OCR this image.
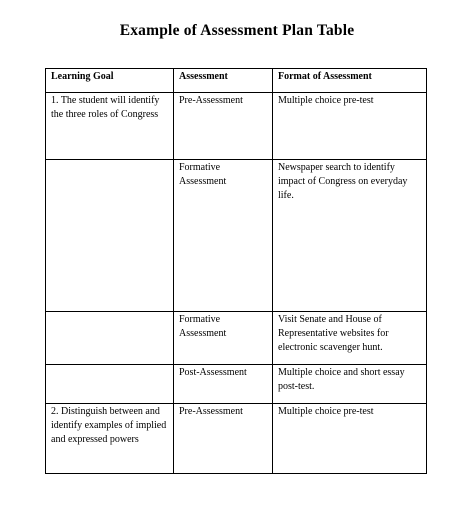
Example of Assessment Plan Table
Learning Goal	Assessment	Format of Assessment
1. The student will identify the three roles of Congress	Pre-Assessment	Multiple choice pre-test
	Formative Assessment	Newspaper search to identify impact of Congress on everyday life.
	Formative Assessment	Visit Senate and House of Representative websites for electronic scavenger hunt.
	Post-Assessment	Multiple choice and short essay post-test.
2. Distinguish between and identify examples of implied and expressed powers	Pre-Assessment	Multiple choice pre-test
